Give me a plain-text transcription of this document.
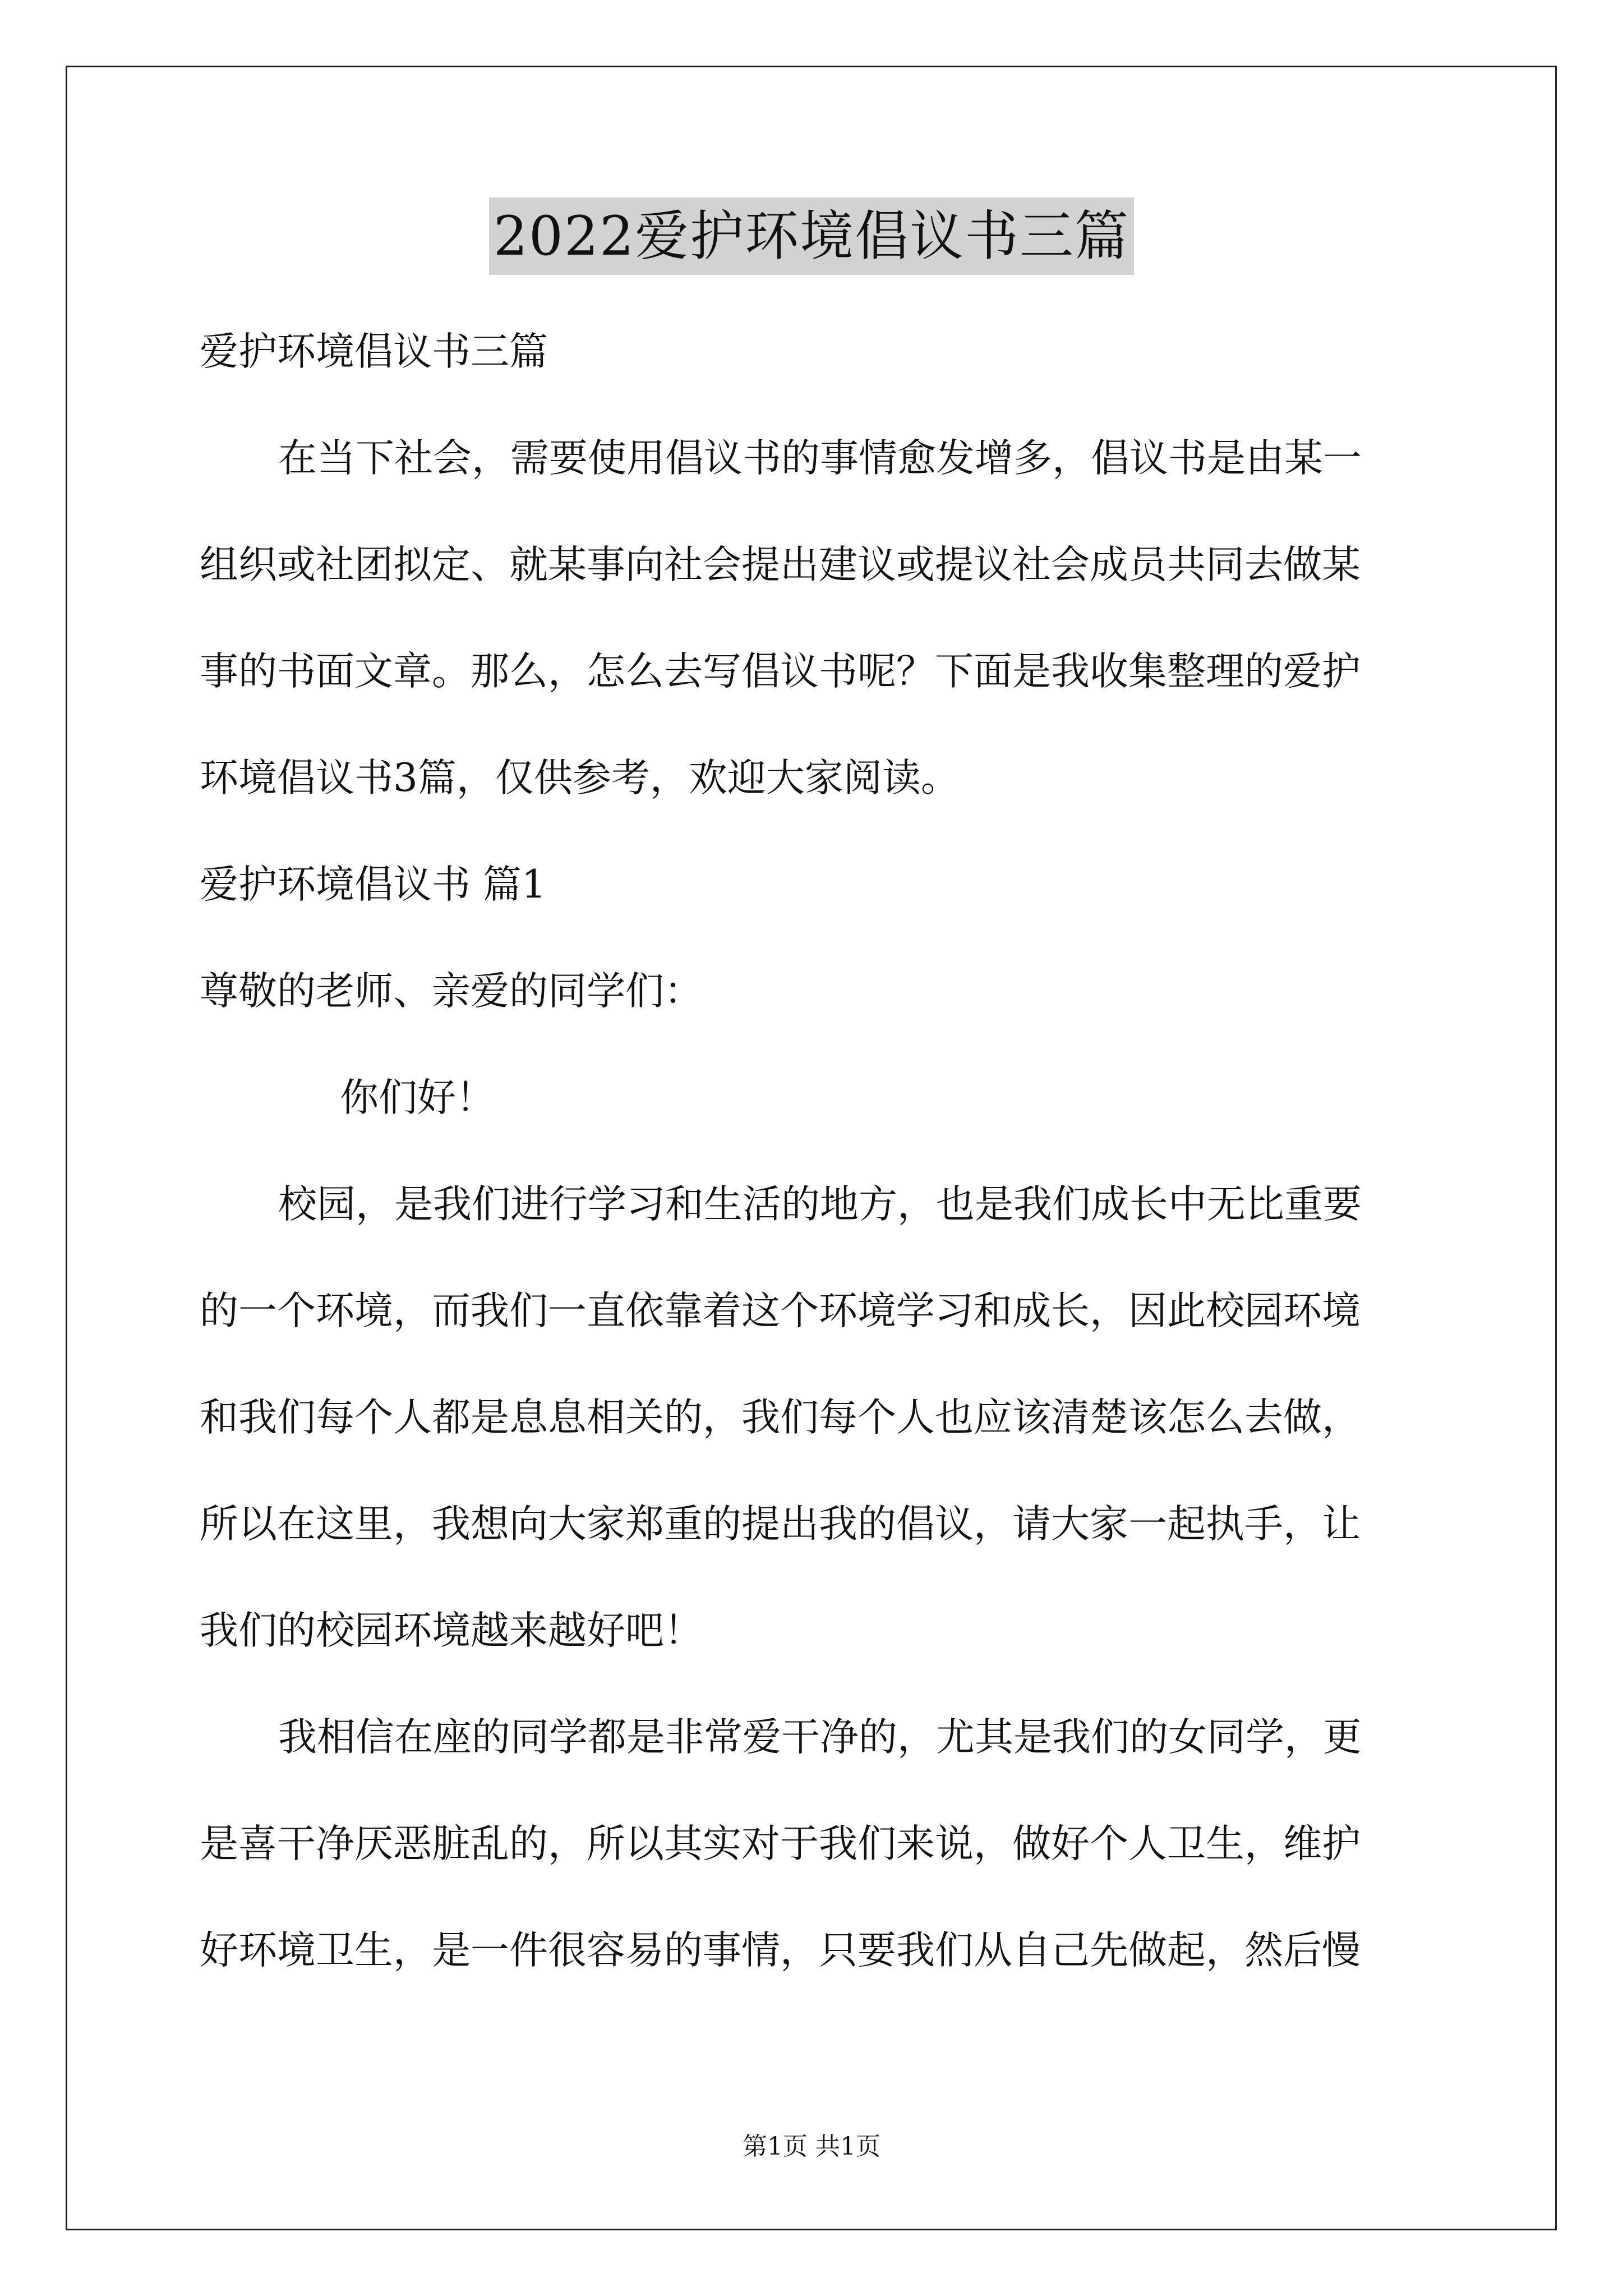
2022爱护环境倡议书三篇
爱护环境倡议书三篇
在当下社会，需要使用倡议书的事情愈发增多，倡议书是由某一
组织或社团拟定、就某事向社会提出建议或提议社会成员共同去做某
事的书面文章。那么，怎么去写倡议书呢？下面是我收集整理的爱护
环境倡议书3篇，仅供参考，欢迎大家阅读。
爱护环境倡议书 篇1
尊敬的老师、亲爱的同学们：
你们好！
校园，是我们进行学习和生活的地方，也是我们成长中无比重要
的一个环境，而我们一直依靠着这个环境学习和成长，因此校园环境
和我们每个人都是息息相关的，我们每个人也应该清楚该怎么去做，
所以在这里，我想向大家郑重的提出我的倡议，请大家一起执手，让
我们的校园环境越来越好吧！
我相信在座的同学都是非常爱干净的，尤其是我们的女同学，更
是喜干净厌恶脏乱的，所以其实对于我们来说，做好个人卫生，维护
好环境卫生，是一件很容易的事情，只要我们从自己先做起，然后慢
第1页 共1页
